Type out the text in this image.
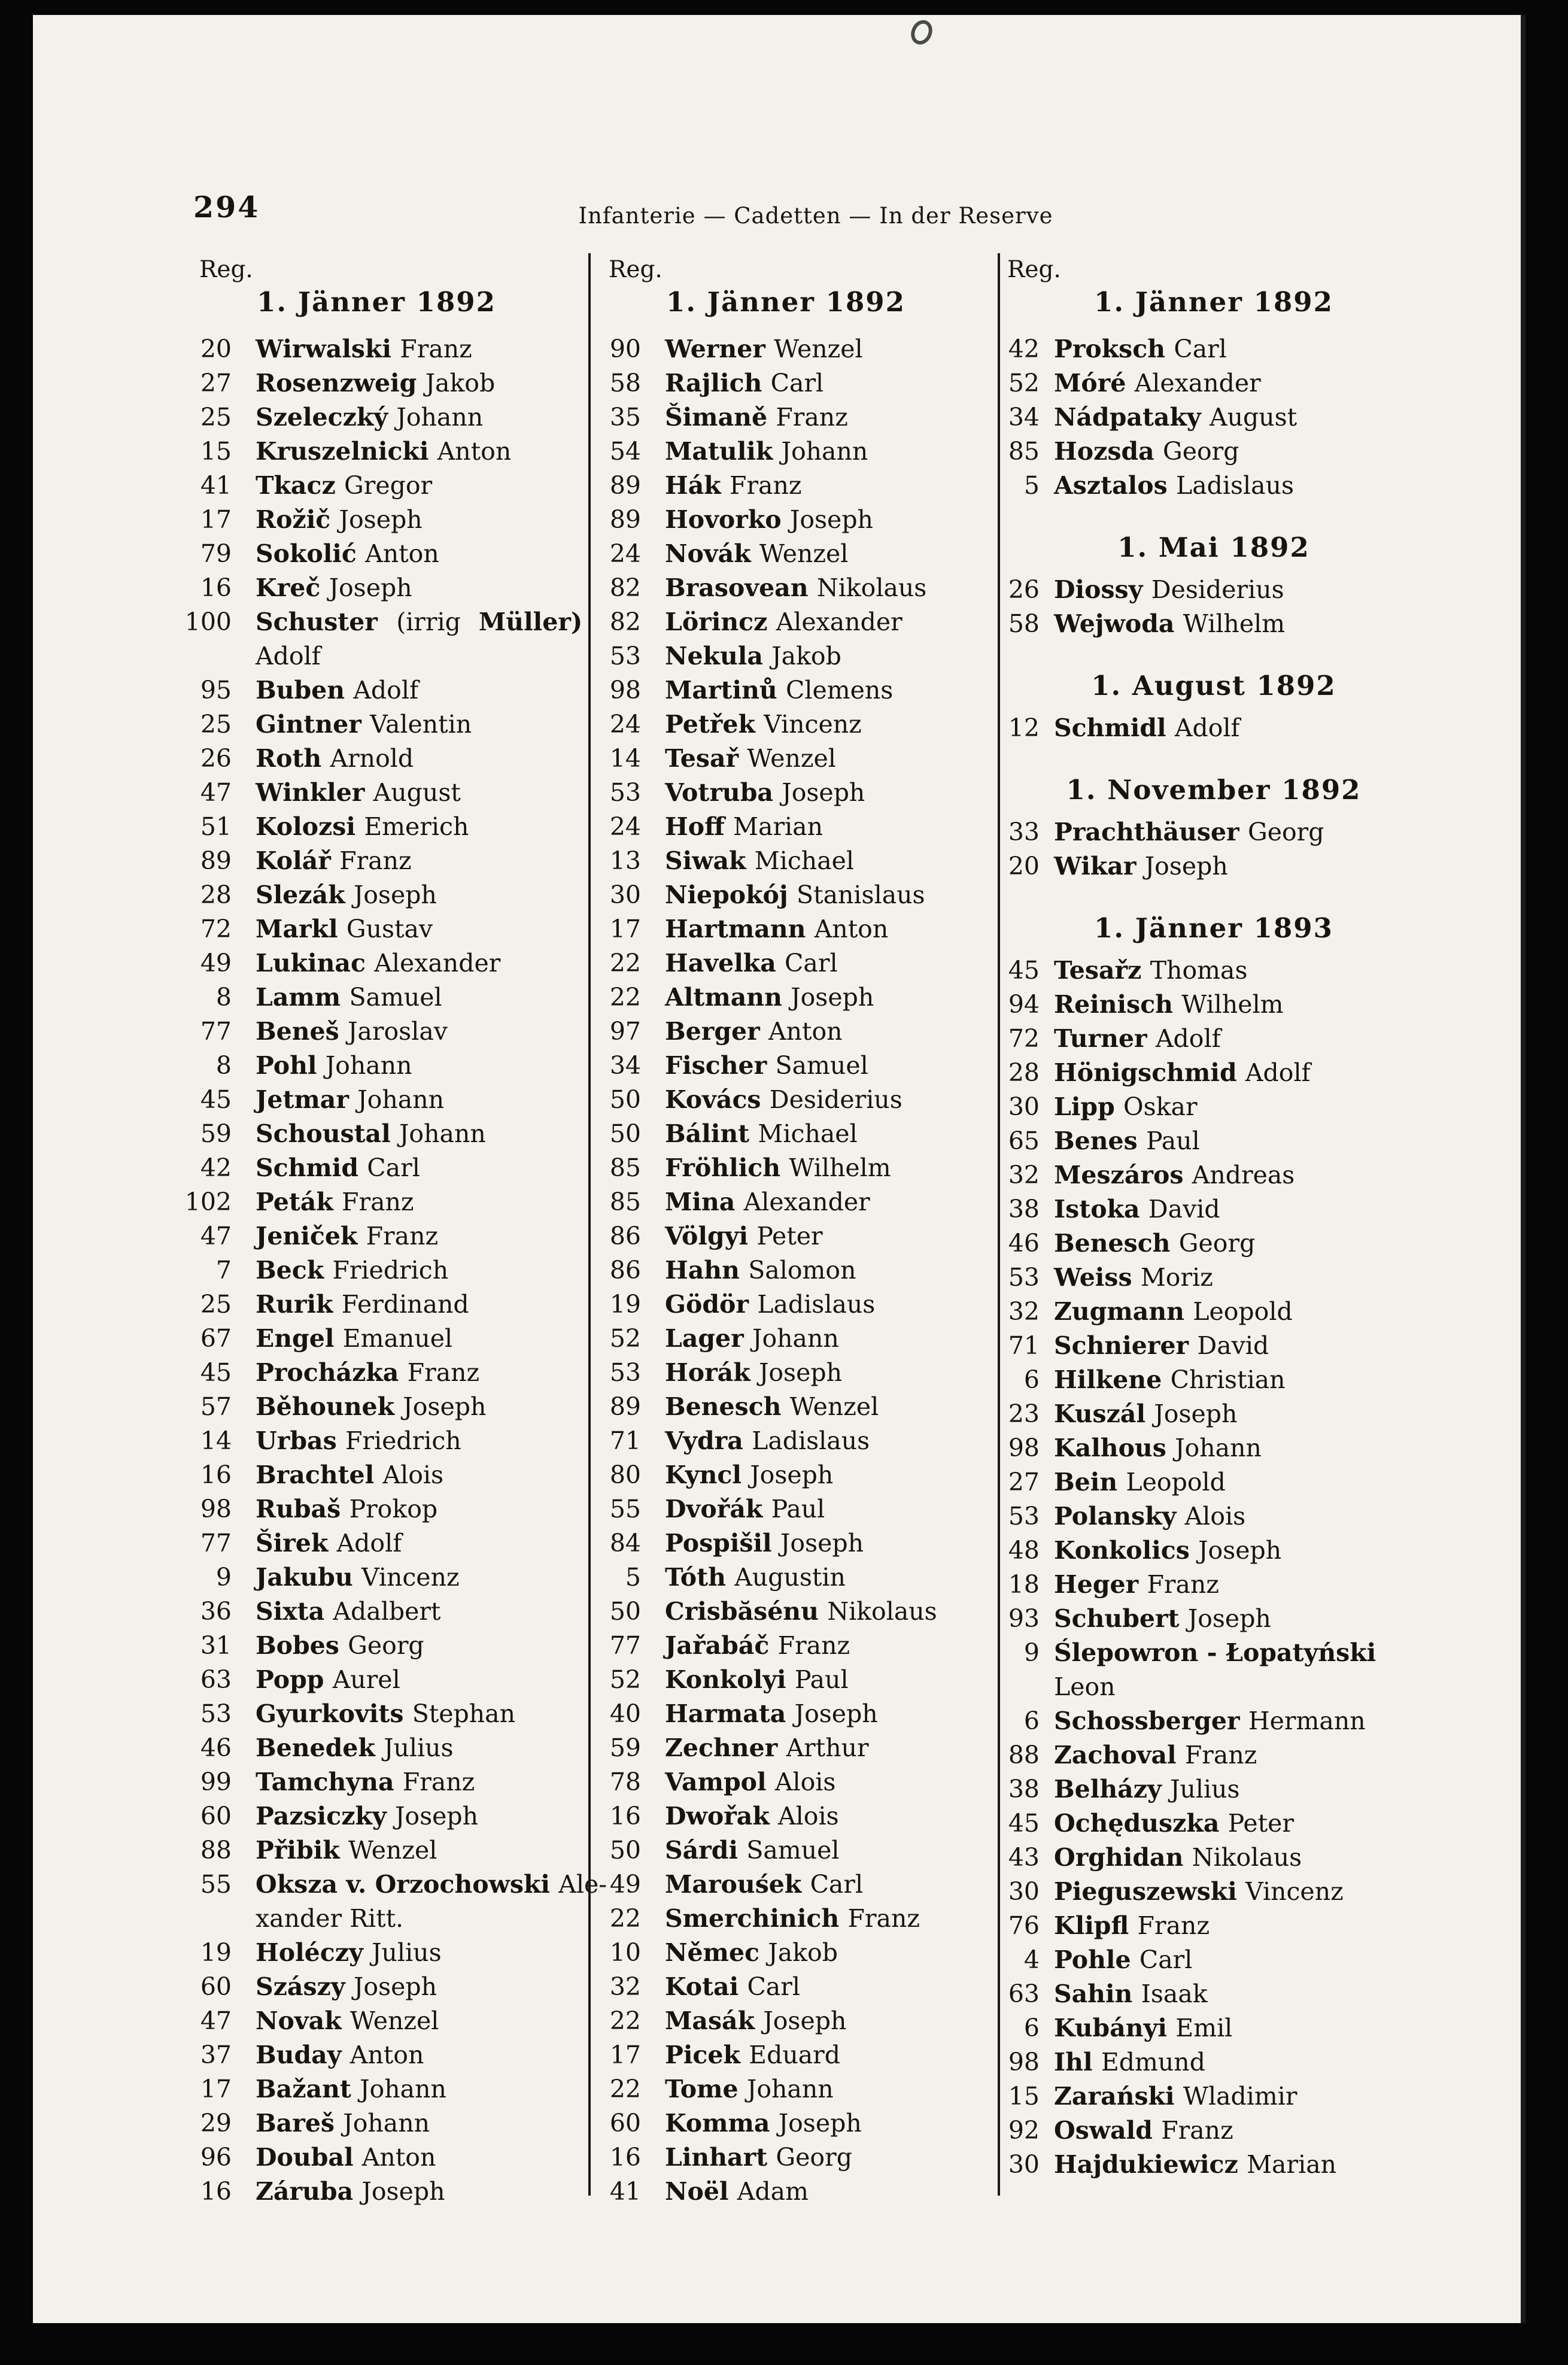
294	Infanterie — Cadetten — In der Reserve
Reg.
1. Jänner 1892
20 Wirwalski Franz
27 Rosenzweig Jakob
25 Szeleczký Johann
15 Kruszelnicki Anton
41 Tkacz Gregor
17 Rožič Joseph
79 Sokolić Anton
16 Kreč Joseph
100 Schuster (irrig Müller)
Adolf
95 Buben Adolf
25 Gintner Valentin
26 Roth Arnold
47 Winkler August
51 Kolozsi Emerich
89 Kolář Franz
28 Slezák Joseph
72 Markl Gustav
49 Lukinac Alexander
8 Lamm Samuel
77 Beneš Jaroslav
8 Pohl Johann
45 Jetmar Johann
59 Schoustal Johann
42 Schmid Carl
102 Peták Franz
47 Jeniček Franz
7 Beck Friedrich
25 Rurik Ferdinand
67 Engel Emanuel
45 Procházka Franz
57 Běhounek Joseph
14 Urbas Friedrich
16 Brachtel Alois
98 Rubaš Prokop
77 Širek Adolf
9 Jakubu Vincenz
36 Sixta Adalbert
31 Bobes Georg
63 Popp Aurel
53 Gyurkovits Stephan
46 Benedek Julius
99 Tamchyna Franz
60 Pazsiczky Joseph
88 Přibik Wenzel
55 Oksza v. Orzochowski Ale-
xander Ritt.
19 Holéczy Julius
60 Szászy Joseph
47 Novak Wenzel
37 Buday Anton
17 Bažant Johann
29 Bareš Johann
96 Doubal Anton
16 Záruba Joseph
Reg.
1. Jänner 1892
90 Werner Wenzel
58 Rajlich Carl
35 Šimaně Franz
54 Matulik Johann
89 Hák Franz
89 Hovorko Joseph
24 Novák Wenzel
82 Brasovean Nikolaus
82 Lörincz Alexander
53 Nekula Jakob
98 Martinů Clemens
24 Petřek Vincenz
14 Tesař Wenzel
53 Votruba Joseph
24 Hoff Marian
13 Siwak Michael
30 Niepokój Stanislaus
17 Hartmann Anton
22 Havelka Carl
22 Altmann Joseph
97 Berger Anton
34 Fischer Samuel
50 Kovács Desiderius
50 Bálint Michael
85 Fröhlich Wilhelm
85 Mina Alexander
86 Völgyi Peter
86 Hahn Salomon
19 Gödör Ladislaus
52 Lager Johann
53 Horák Joseph
89 Benesch Wenzel
71 Vydra Ladislaus
80 Kyncl Joseph
55 Dvořák Paul
84 Pospišil Joseph
5 Tóth Augustin
50 Crisbăsénu Nikolaus
77 Jařabáč Franz
52 Konkolyi Paul
40 Harmata Joseph
59 Zechner Arthur
78 Vampol Alois
16 Dwořak Alois
50 Sárdi Samuel
49 Marouśek Carl
22 Smerchinich Franz
10 Němec Jakob
32 Kotai Carl
22 Masák Joseph
17 Picek Eduard
22 Tome Johann
60 Komma Joseph
16 Linhart Georg
41 Noël Adam
Reg.
1. Jänner 1892
42 Proksch Carl
52 Móré Alexander
34 Nádpataky August
85 Hozsda Georg
5 Asztalos Ladislaus
1. Mai 1892
26 Diossy Desiderius
58 Wejwoda Wilhelm
1. August 1892
12 Schmidl Adolf
1. November 1892
33 Prachthäuser Georg
20 Wikar Joseph
1. Jänner 1893
45 Tesařz Thomas
94 Reinisch Wilhelm
72 Turner Adolf
28 Hönigschmid Adolf
30 Lipp Oskar
65 Benes Paul
32 Meszáros Andreas
38 Istoka David
46 Benesch Georg
53 Weiss Moriz
32 Zugmann Leopold
71 Schnierer David
6 Hilkene Christian
23 Kuszál Joseph
98 Kalhous Johann
27 Bein Leopold
53 Polansky Alois
48 Konkolics Joseph
18 Heger Franz
93 Schubert Joseph
9 Ślepowron - Łopatyński
Leon
6 Schossberger Hermann
88 Zachoval Franz
38 Belházy Julius
45 Ochęduszka Peter
43 Orghidan Nikolaus
30 Pieguszewski Vincenz
76 Klipfl Franz
4 Pohle Carl
63 Sahin Isaak
6 Kubányi Emil
98 Ihl Edmund
15 Zarański Wladimir
92 Oswald Franz
30 Hajdukiewicz Marian
